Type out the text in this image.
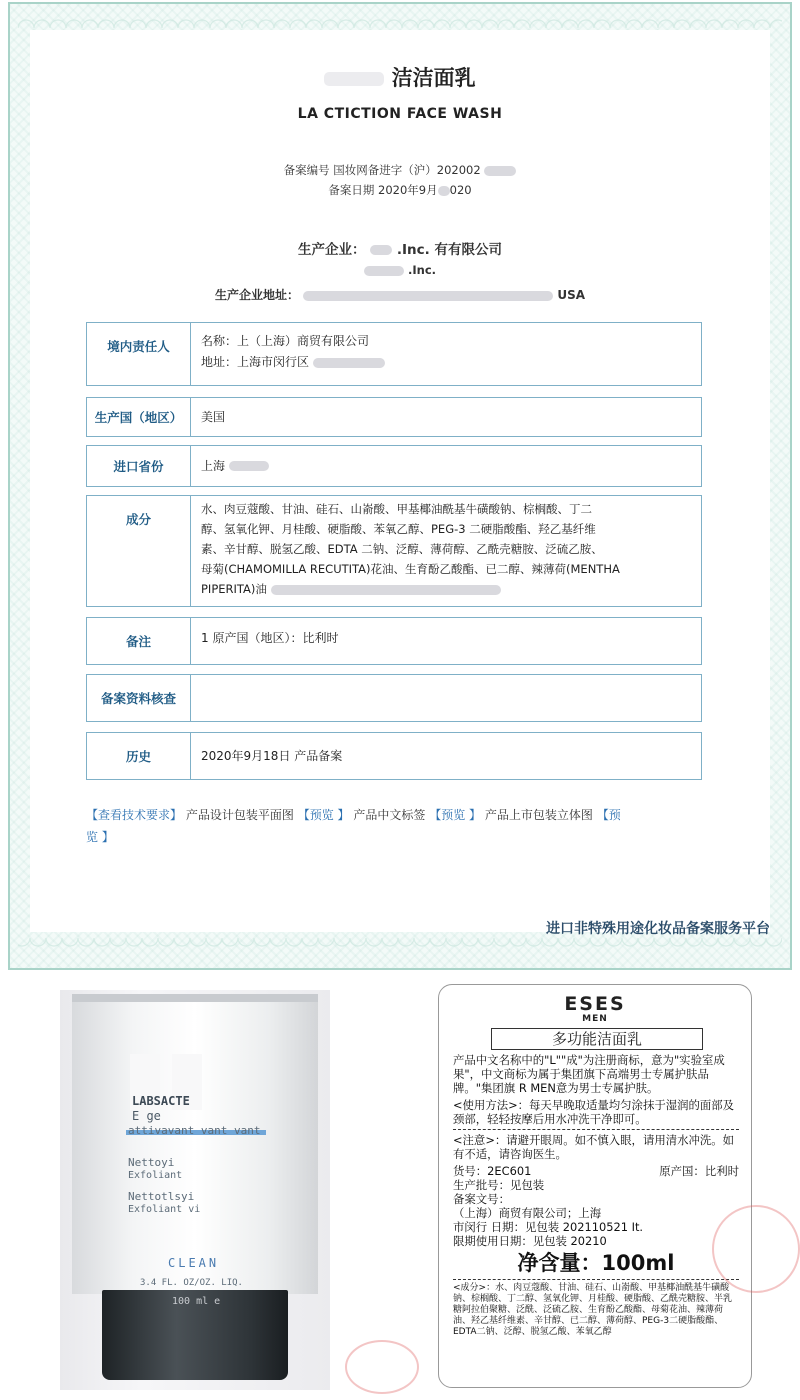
洁洁面乳
LA CTICTION FACE WASH
备案编号 国妆网备进字（沪）202002
备案日期 2020年9月 020
生产企业： .Inc. 有有限公司
.Inc.
生产企业地址：	USA
境内责任人	名称：上（上海）商贸有限公司
地址：上海市闵行区
生产国（地区）	美国
进口省份	上海
成分
水、肉豆蔻酸、甘油、硅石、山嵛酸、甲基椰油酰基牛磺酸钠、棕榈酸、丁二
醇、氢氧化钾、月桂酸、硬脂酸、苯氧乙醇、PEG-3 二硬脂酸酯、羟乙基纤维
素、辛甘醇、脱氢乙酸、EDTA 二钠、泛醇、薄荷醇、乙酰壳糖胺、泛硫乙胺、
母菊(CHAMOMILLA RECUTITA)花油、生育酚乙酸酯、已二醇、辣薄荷(MENTHA
PIPERITA)油
备注	1 原产国（地区）：比利时
备案资料核查
历史	2020年9月18日 产品备案
【查看技术要求】 产品设计包装平面图 【预览 】 产品中文标签 【预览 】 产品上市包装立体图 【预
览 】
进口非特殊用途化妆品备案服务平台
LABSACTE
E ge
attivavant vant vant
Nettoyi
Exfoliant
Nettotlsyi
Exfoliant vi
CLEAN
3.4 FL. OZ/OZ. LIQ.
100 ml e
ESES
MEN
多功能洁面乳

产品中文名称中的"L""成"为注册商标，意为"实验室成果"，中文商标为属于集团旗下高端男士专属护肤品牌。"集团旗 R MEN意为男士专属护肤。

<使用方法>：每天早晚取适量均匀涂抹于湿润的面部及颈部，轻轻按摩后用水冲洗干净即可。

<注意>：请避开眼周。如不慎入眼，请用清水冲洗。如有不适，请咨询医生。

货号：2EC601	原产国：比利时
生产批号：见包装
备案文号：
（上海）商贸有限公司；上海
市闵行 日期：见包装 202110521 It.
限期使用日期：见包装 20210
净含量：100ml
<成分>：水、肉豆蔻酸、甘油、硅石、山嵛酸、甲基椰油酰基牛磺酸钠、棕榈酸、丁二醇、氢氧化钾、月桂酸、硬脂酸、乙酰壳糖胺、半乳糖阿拉伯聚糖、泛酰、泛硫乙胺、生育酚乙酸酯、母菊花油、辣薄荷油、羟乙基纤维素、辛甘醇、已二醇、薄荷醇、PEG-3二硬脂酸酯、EDTA二钠、泛醇、脱氢乙酸、苯氧乙醇
